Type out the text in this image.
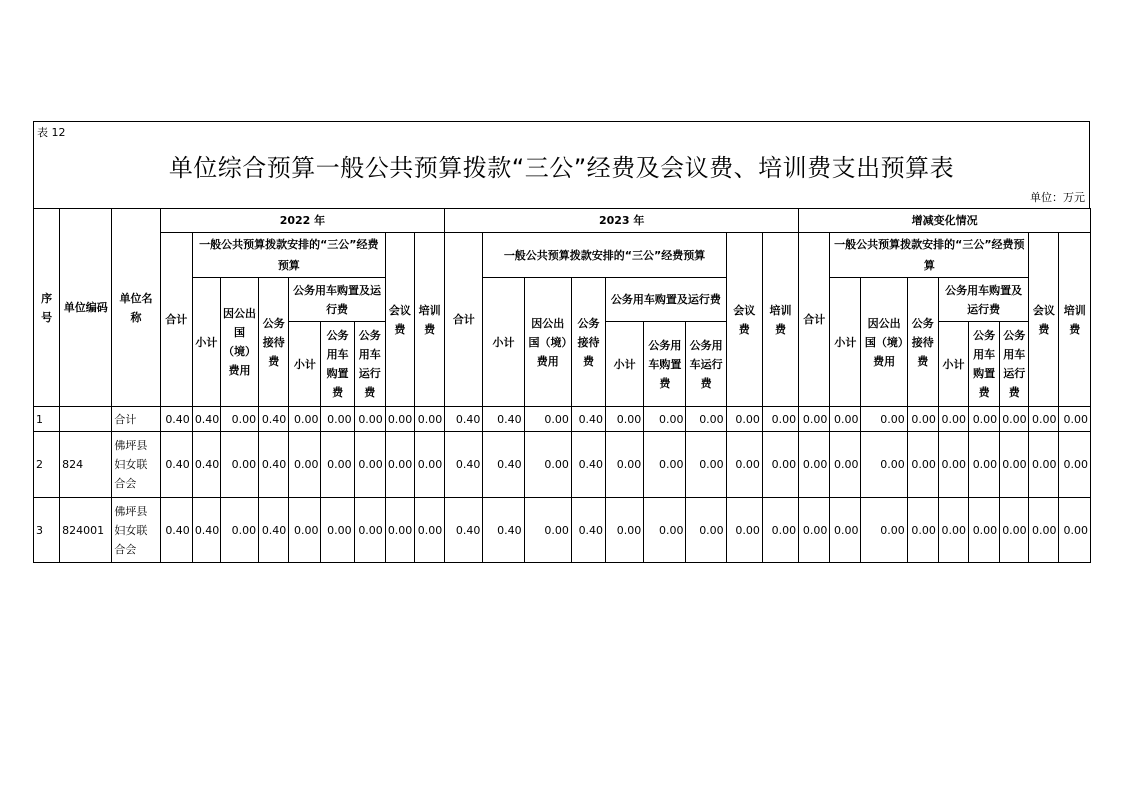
表 12
单位综合预算一般公共预算拨款“三公”经费及会议费、培训费支出预算表
单位：万元
序号	单位编码	单位名称	2022 年									2023 年									增减变化情况								
			合计	一般公共预算拨款安排的“三公”经费预算						会议费	培训费	合计	一般公共预算拨款安排的“三公”经费预算						会议费	培训费	合计	一般公共预算拨款安排的“三公”经费预算						会议费	培训费
				小计	因公出国（境）费用	公务接待费	公务用车购置及运行费						小计	因公出国（境）费用	公务接待费	公务用车购置及运行费						小计	因公出国（境）费用	公务接待费	公务用车购置及运行费				
							小计	公务用车购置费	公务用车运行费							小计	公务用车购置费	公务用车运行费							小计	公务用车购置费	公务用车运行费		

1		合计	0.40	0.40	0.00	0.40	0.00	0.00	0.00	0.00	0.00	0.40	0.40	0.00	0.40	0.00	0.00	0.00	0.00	0.00	0.00	0.00	0.00	0.00	0.00	0.00	0.00	0.00	0.00
2	824	佛坪县妇女联合会	0.40	0.40	0.00	0.40	0.00	0.00	0.00	0.00	0.00	0.40	0.40	0.00	0.40	0.00	0.00	0.00	0.00	0.00	0.00	0.00	0.00	0.00	0.00	0.00	0.00	0.00	0.00
3	824001	佛坪县妇女联合会	0.40	0.40	0.00	0.40	0.00	0.00	0.00	0.00	0.00	0.40	0.40	0.00	0.40	0.00	0.00	0.00	0.00	0.00	0.00	0.00	0.00	0.00	0.00	0.00	0.00	0.00	0.00
